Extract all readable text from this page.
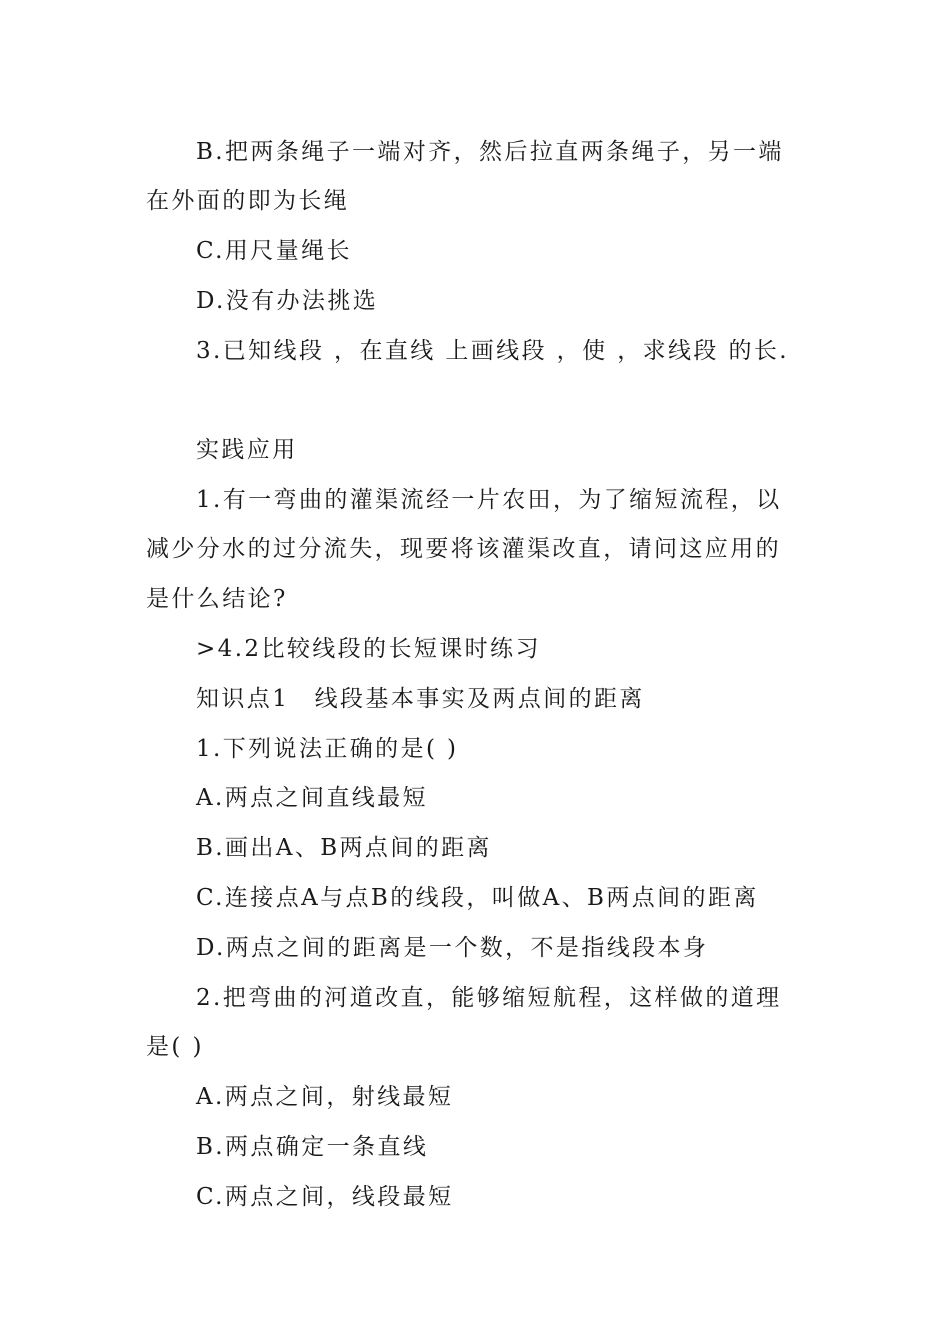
B.把两条绳子一端对齐，然后拉直两条绳子，另一端
在外面的即为长绳
C.用尺量绳长
D.没有办法挑选
3.已知线段 ，在直线 上画线段 ，使 ，求线段 的长.
实践应用
1.有一弯曲的灌渠流经一片农田，为了缩短流程，以
减少分水的过分流失，现要将该灌渠改直，请问这应用的
是什么结论?
>4.2比较线段的长短课时练习
知识点1　线段基本事实及两点间的距离
1.下列说法正确的是( )
A.两点之间直线最短
B.画出A、B两点间的距离
C.连接点A与点B的线段，叫做A、B两点间的距离
D.两点之间的距离是一个数，不是指线段本身
2.把弯曲的河道改直，能够缩短航程，这样做的道理
是( )
A.两点之间，射线最短
B.两点确定一条直线
C.两点之间，线段最短
